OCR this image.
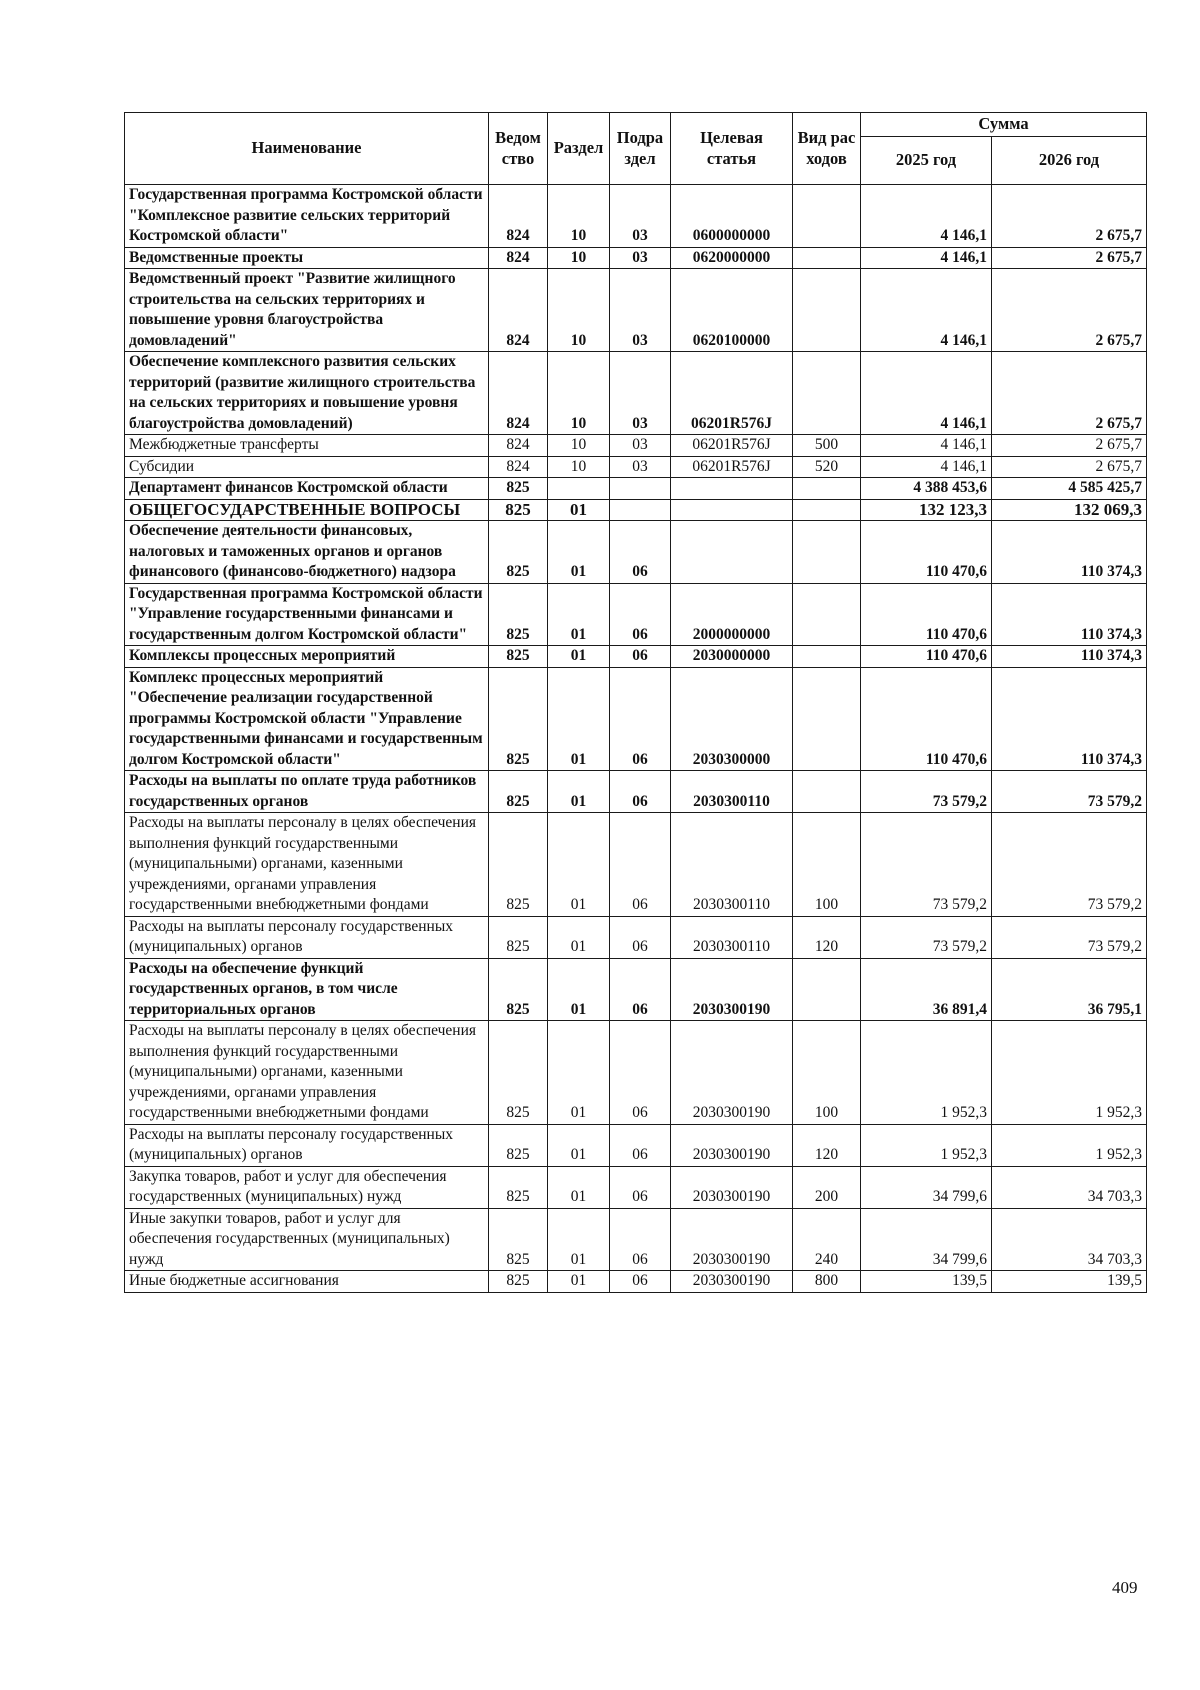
Наименование	Ведомство	Раздел	Подраздел	Целевая статья	Вид расходов	Сумма	
						2025 год	2026 год
Государственная программа Костромской области "Комплексное развитие сельских территорий Костромской области"	824	10	03	0600000000		4 146,1	2 675,7
Ведомственные проекты	824	10	03	0620000000		4 146,1	2 675,7
Ведомственный проект "Развитие жилищного строительства на сельских территориях и повышение уровня благоустройства домовладений"	824	10	03	0620100000		4 146,1	2 675,7
Обеспечение комплексного развития сельских территорий (развитие жилищного строительства на сельских территориях и повышение уровня благоустройства домовладений)	824	10	03	06201R576J		4 146,1	2 675,7
Межбюджетные трансферты	824	10	03	06201R576J	500	4 146,1	2 675,7
Субсидии	824	10	03	06201R576J	520	4 146,1	2 675,7
Департамент финансов Костромской области	825					4 388 453,6	4 585 425,7
ОБЩЕГОСУДАРСТВЕННЫЕ ВОПРОСЫ	825	01				132 123,3	132 069,3
Обеспечение деятельности финансовых, налоговых и таможенных органов и органов финансового (финансово-бюджетного) надзора	825	01	06			110 470,6	110 374,3
Государственная программа Костромской области "Управление государственными финансами и государственным долгом Костромской области"	825	01	06	2000000000		110 470,6	110 374,3
Комплексы процессных мероприятий	825	01	06	2030000000		110 470,6	110 374,3
Комплекс процессных мероприятий "Обеспечение реализации государственной программы Костромской области "Управление государственными финансами и государственным долгом Костромской области"	825	01	06	2030300000		110 470,6	110 374,3
Расходы на выплаты по оплате труда работников государственных органов	825	01	06	2030300110		73 579,2	73 579,2
Расходы на выплаты персоналу в целях обеспечения выполнения функций государственными (муниципальными) органами, казенными учреждениями, органами управления государственными внебюджетными фондами	825	01	06	2030300110	100	73 579,2	73 579,2
Расходы на выплаты персоналу государственных (муниципальных) органов	825	01	06	2030300110	120	73 579,2	73 579,2
Расходы на обеспечение функций государственных органов, в том числе территориальных органов	825	01	06	2030300190		36 891,4	36 795,1
Расходы на выплаты персоналу в целях обеспечения выполнения функций государственными (муниципальными) органами, казенными учреждениями, органами управления государственными внебюджетными фондами	825	01	06	2030300190	100	1 952,3	1 952,3
Расходы на выплаты персоналу государственных (муниципальных) органов	825	01	06	2030300190	120	1 952,3	1 952,3
Закупка товаров, работ и услуг для обеспечения государственных (муниципальных) нужд	825	01	06	2030300190	200	34 799,6	34 703,3
Иные закупки товаров, работ и услуг для обеспечения государственных (муниципальных) нужд	825	01	06	2030300190	240	34 799,6	34 703,3
Иные бюджетные ассигнования	825	01	06	2030300190	800	139,5	139,5
409
